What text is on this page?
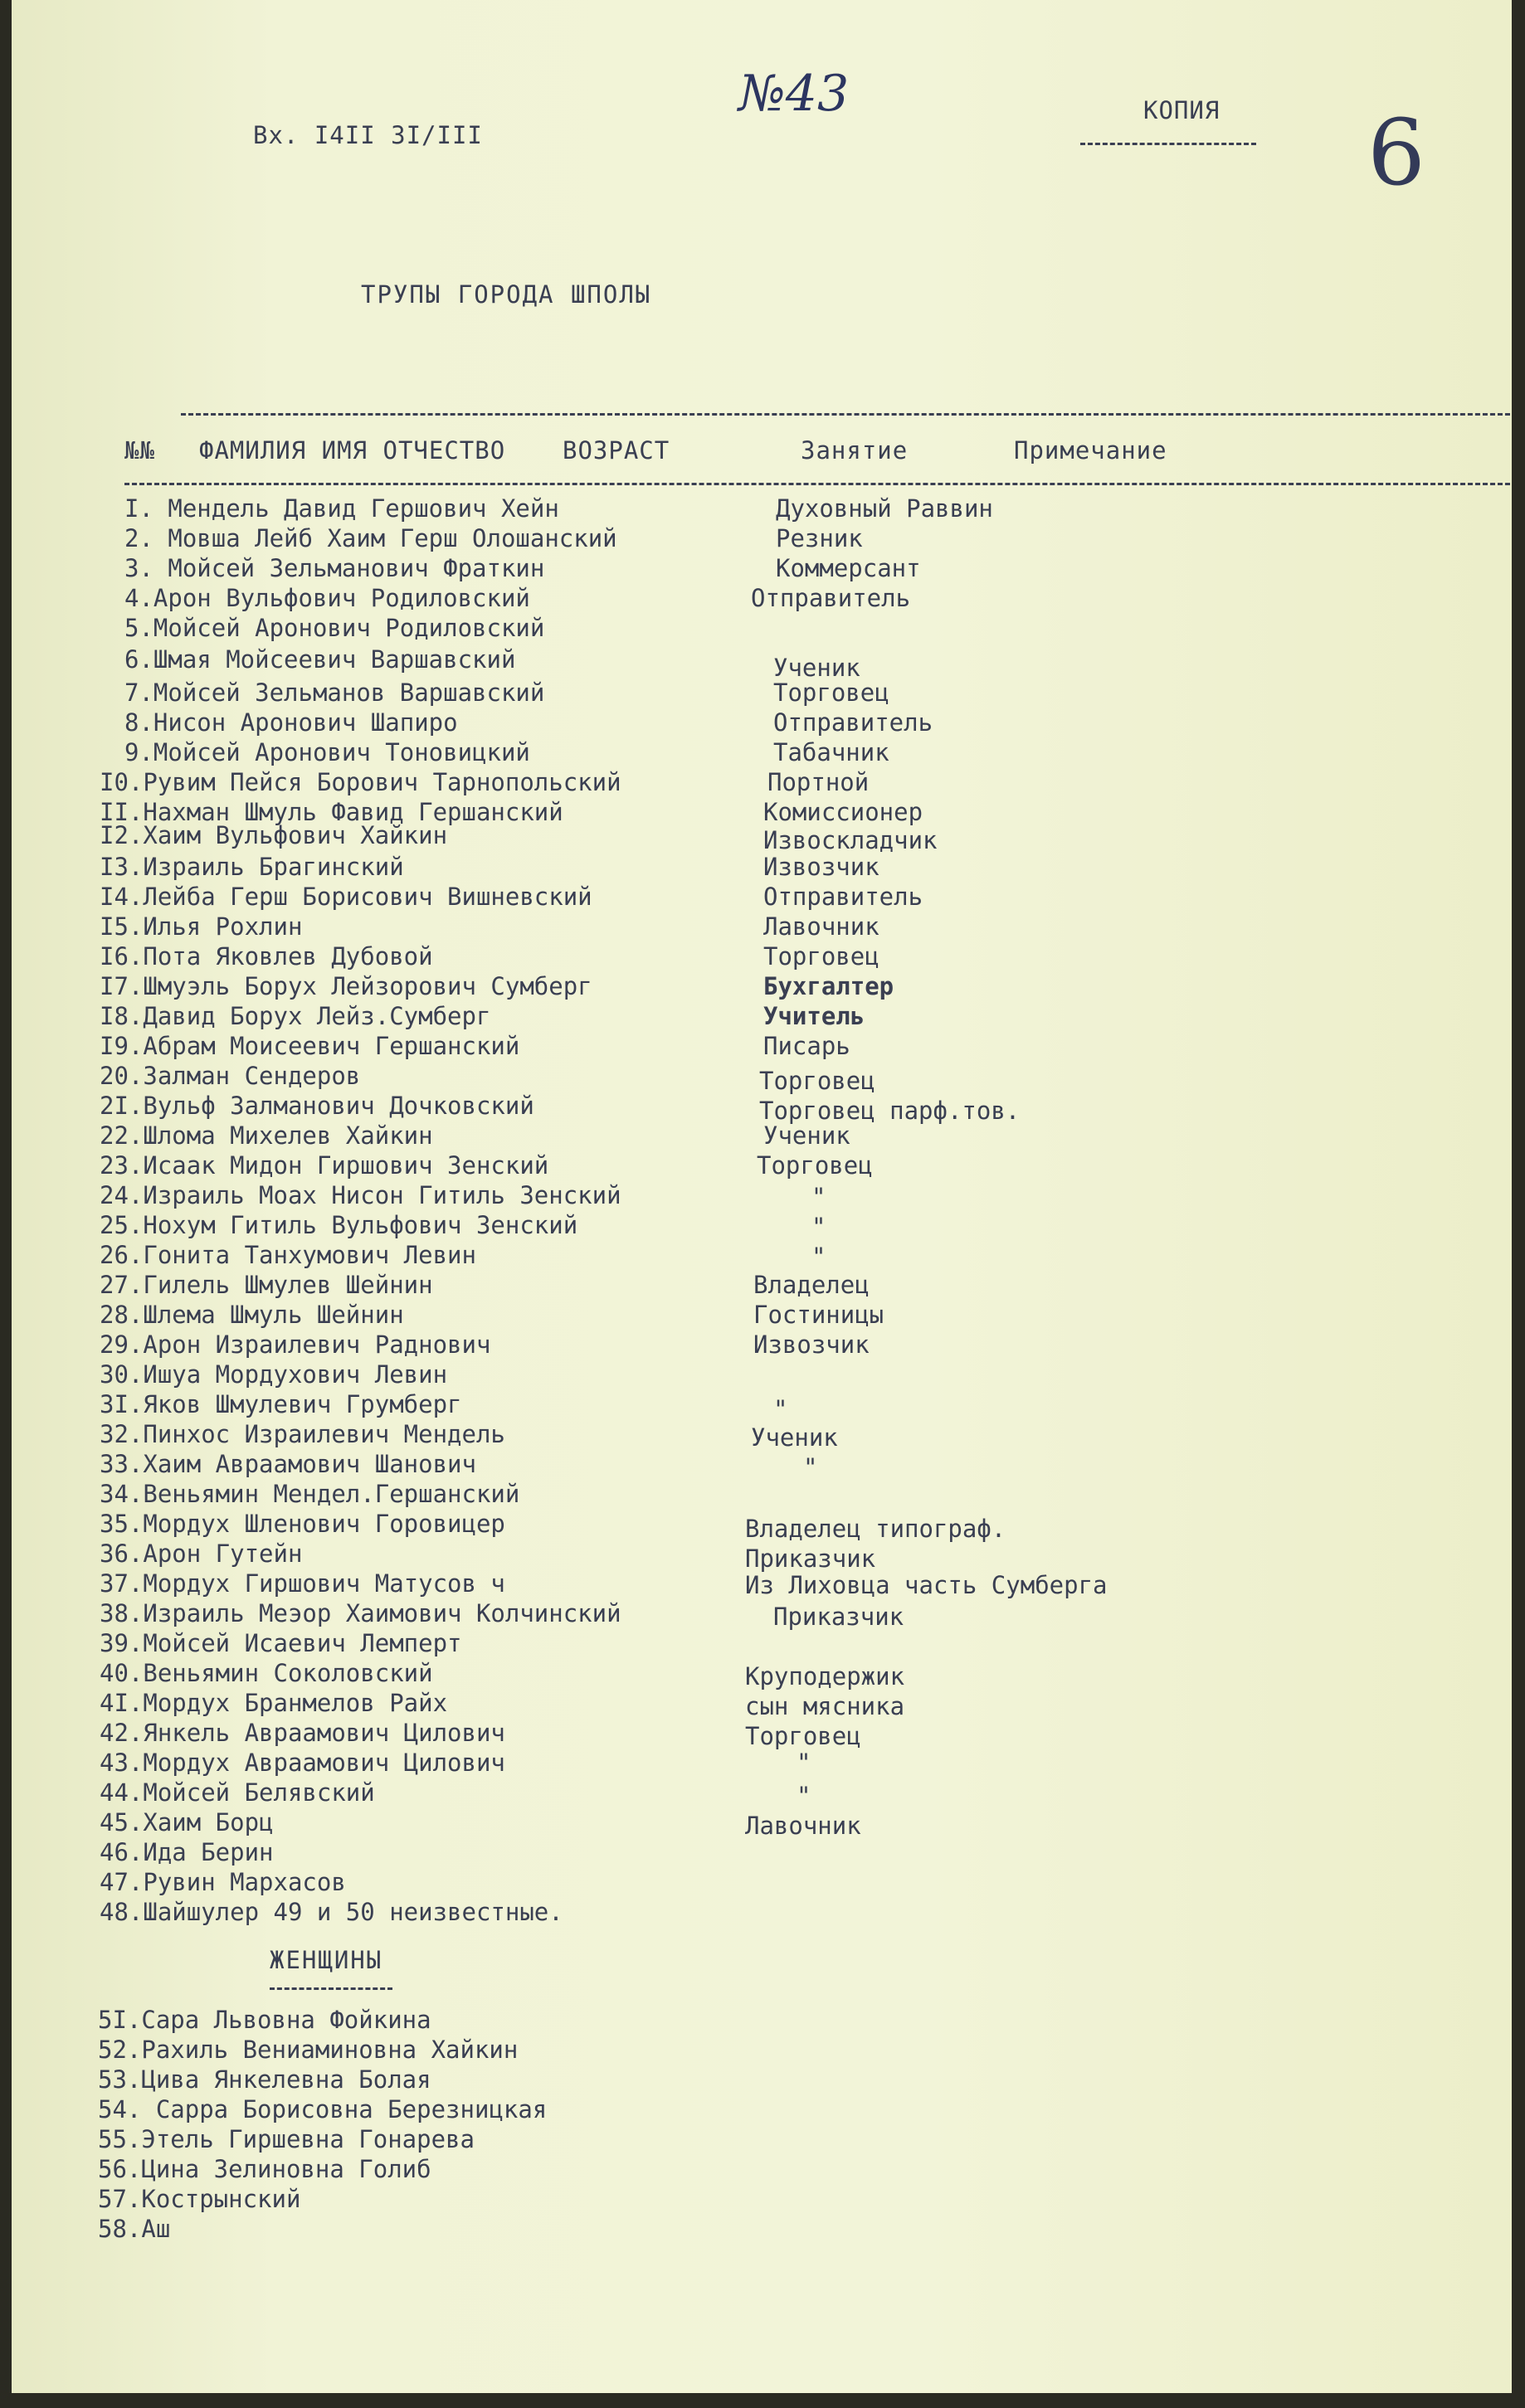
Вх. I4II 3I/III
№43	КОПИЯ 6
ТРУПЫ ГОРОДА ШПОЛЫ
№№ ФАМИЛИЯ ИМЯ ОТЧЕСТВО ВОЗРАСТ	Занятие	Примечание
I. Мендель Давид Гершович Хейн	Духовный Раввин
2. Мовша Лейб Хаим Герш Олошанский	Резник
3. Мойсей Зельманович Фраткин	Коммерсант
4.Арон Вульфович Родиловский	Отправитель
5.Мойсей Аронович Родиловский
6.Шмая Мойсеевич Варшавский	Ученик
7.Мойсей Зельманов Варшавский	Торговец
8.Нисон Аронович Шапиро	Отправитель
9.Мойсей Аронович Тоновицкий	Табачник
I0.Рувим Пейся Борович Тарнопольский	Портной
II.Нахман Шмуль Фавид Гершанский	Комиссионер
I2.Хаим Вульфович Хайкин	Извоскладчик
I3.Израиль Брагинский	Извозчик
I4.Лейба Герш Борисович Вишневский	Отправитель
I5.Илья Рохлин	Лавочник
I6.Пота Яковлев Дубовой	Торговец
I7.Шмуэль Борух Лейзорович Сумберг	Бухгалтер
I8.Давид Борух Лейз.Сумберг	Учитель
I9.Абрам Моисеевич Гершанский	Писарь
20.Залман Сендеров	Торговец
2I.Вульф Залманович Дочковский	Торговец парф.тов.
22.Шлома Михелев Хайкин	Ученик
23.Исаак Мидон Гиршович Зенский	Торговец
24.Израиль Моах Нисон Гитиль Зенский	"
25.Нохум Гитиль Вульфович Зенский	"
26.Гонита Танхумович Левин	"
27.Гилель Шмулев Шейнин	Владелец
28.Шлема Шмуль Шейнин	Гостиницы
29.Арон Израилевич Раднович	Извозчик
30.Ишуа Мордухович Левин
3I.Яков Шмулевич Грумберг	"
32.Пинхос Израилевич Мендель	Ученик
33.Хаим Авраамович Шанович	"
34.Веньямин Мендел.Гершанский
35.Мордух Шленович Горовицер	Владелец типограф.
36.Арон Гутейн	Приказчик
37.Мордух Гиршович Матусов ч	Из Лиховца часть Сумберга
38.Израиль Меэор Хаимович Колчинский	Приказчик
39.Мойсей Исаевич Лемперт
40.Веньямин Соколовский	Круподержик
4I.Мордух Бранмелов Райх	сын мясника
42.Янкель Авраамович Цилович	Торговец
43.Мордух Авраамович Цилович	"
44.Мойсей Белявский	"
45.Хаим Борц	Лавочник
46.Ида Берин
47.Рувин Мархасов
48.Шайшулер 49 и 50 неизвестные.
ЖЕНЩИНЫ
5I.Сара Львовна Фойкина
52.Рахиль Вениаминовна Хайкин
53.Цива Янкелевна Болая
54. Сарра Борисовна Березницкая
55.Этель Гиршевна Гонарева
56.Цина Зелиновна Голиб
57.Кострынский
58.Аш
